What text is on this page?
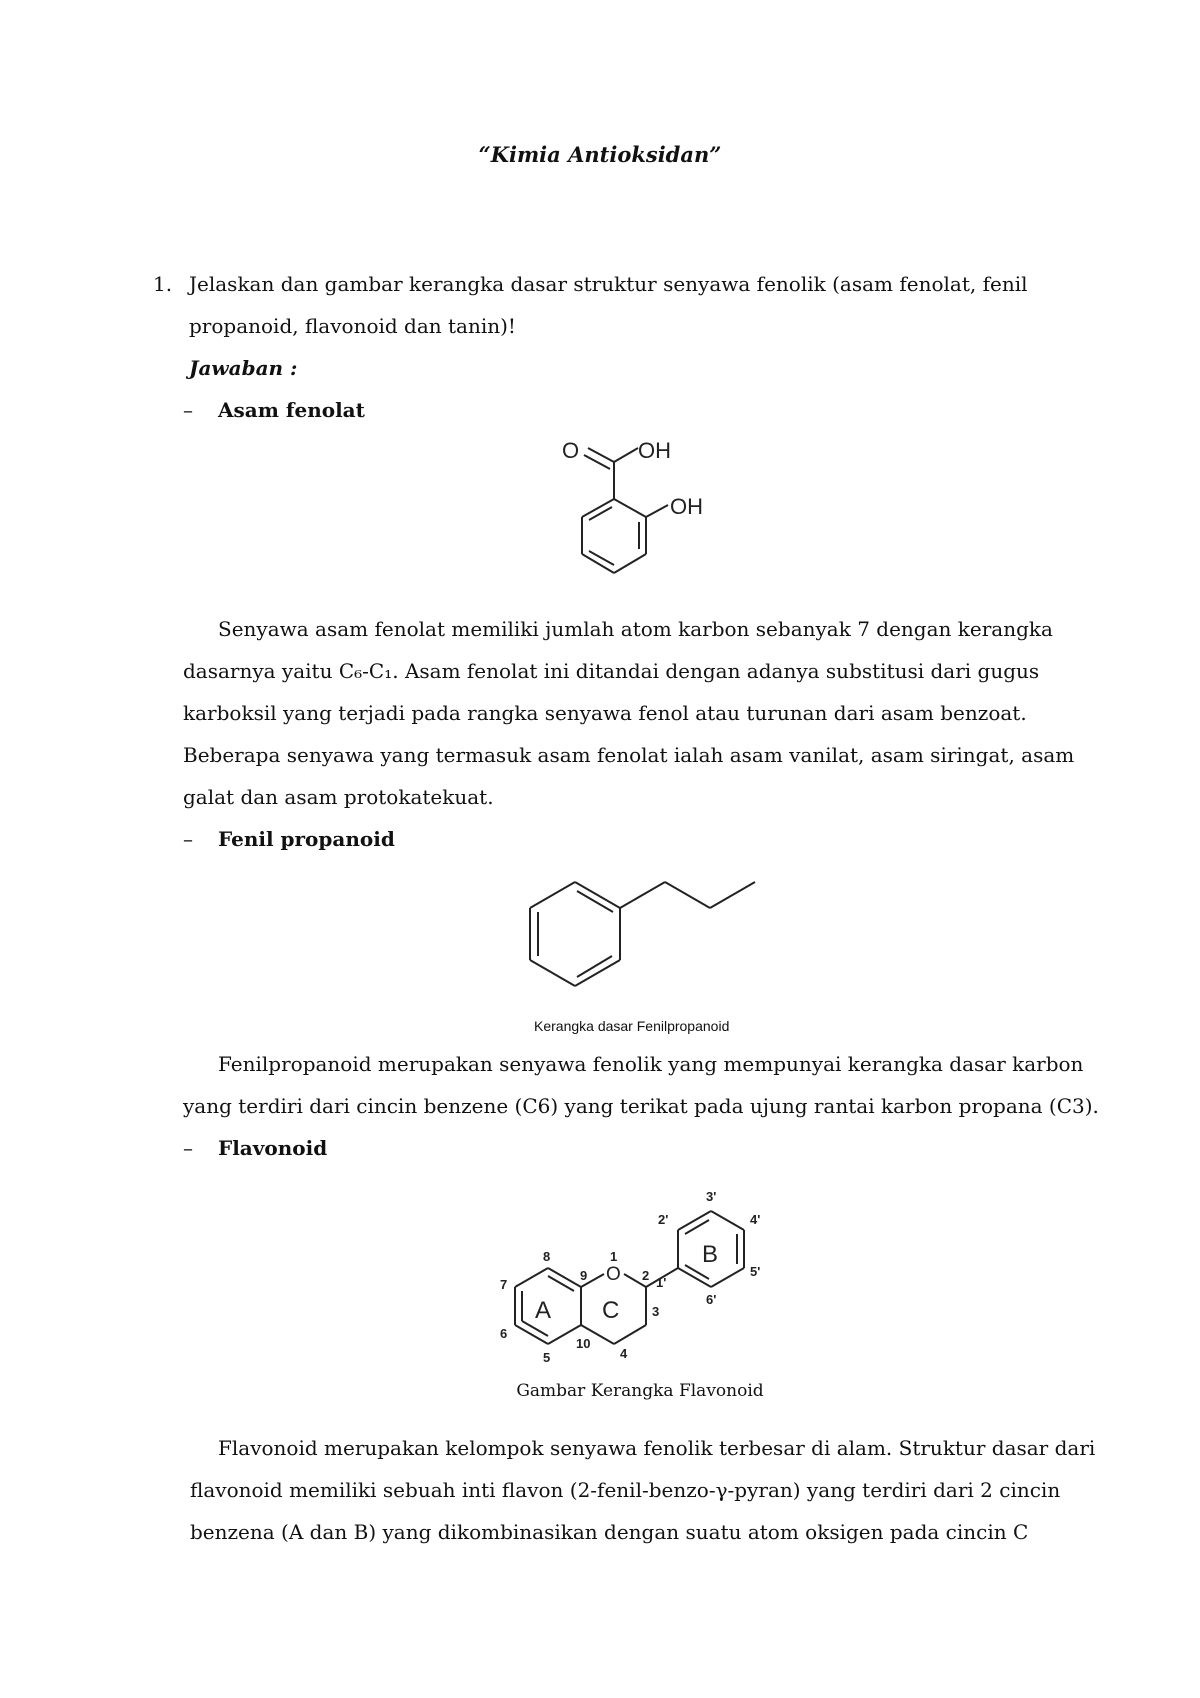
“Kimia Antioksidan”
1. Jelaskan dan gambar kerangka dasar struktur senyawa fenolik (asam fenolat, fenil
propanoid, flavonoid dan tanin)!
Jawaban :
– Asam fenolat
O	OH
OH
Senyawa asam fenolat memiliki jumlah atom karbon sebanyak 7 dengan kerangka
dasarnya yaitu C₆-C₁. Asam fenolat ini ditandai dengan adanya substitusi dari gugus
karboksil yang terjadi pada rangka senyawa fenol atau turunan dari asam benzoat.
Beberapa senyawa yang termasuk asam fenolat ialah asam vanilat, asam siringat, asam
galat dan asam protokatekuat.
– Fenil propanoid
Kerangka dasar Fenilpropanoid
Fenilpropanoid merupakan senyawa fenolik yang mempunyai kerangka dasar karbon
yang terdiri dari cincin benzene (C6) yang terikat pada ujung rantai karbon propana (C3).
– Flavonoid
A C
B
O
1
2
3
4
5
6
7
8
9
10
1'
2'
3'
4'
5'
6'
Gambar Kerangka Flavonoid
Flavonoid merupakan kelompok senyawa fenolik terbesar di alam. Struktur dasar dari
flavonoid memiliki sebuah inti flavon (2-fenil-benzo-γ-pyran) yang terdiri dari 2 cincin
benzena (A dan B) yang dikombinasikan dengan suatu atom oksigen pada cincin C
